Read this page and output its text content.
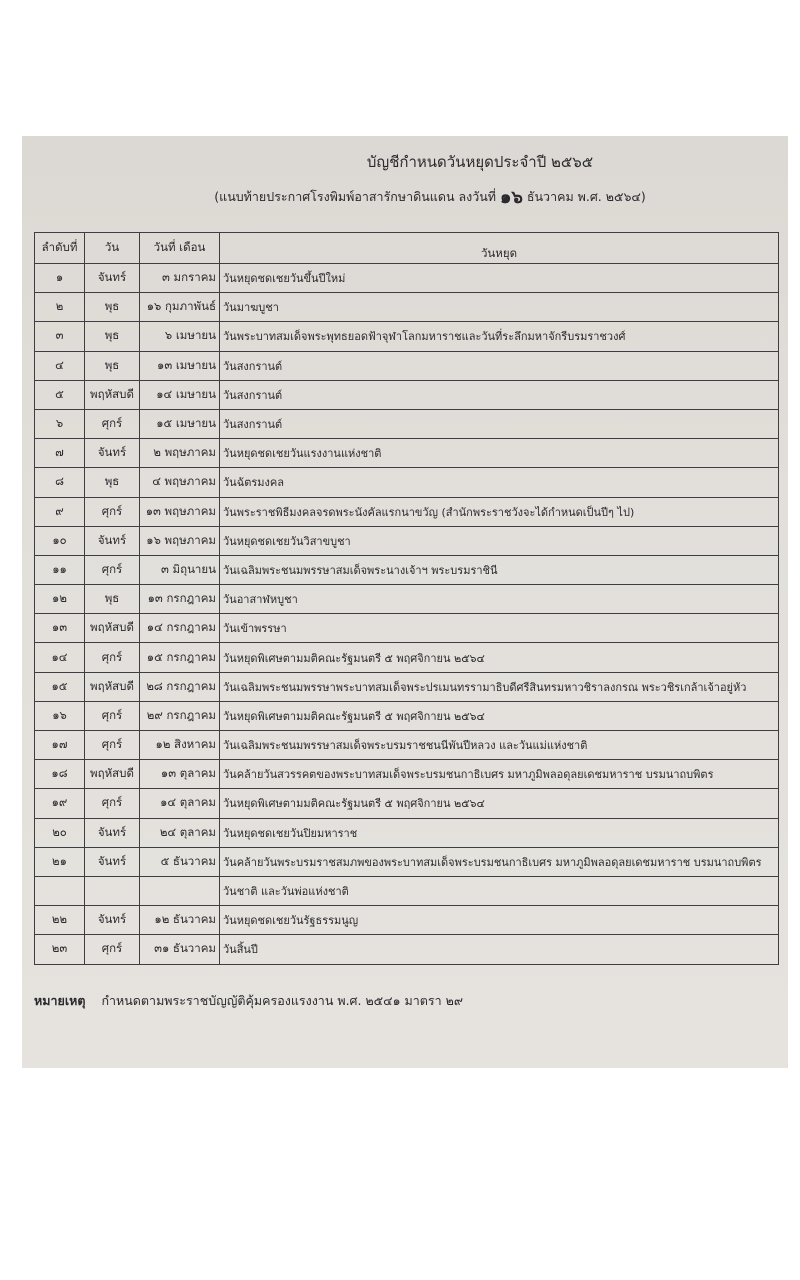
บัญชีกำหนดวันหยุดประจำปี ๒๕๖๕
(แนบท้ายประกาศโรงพิมพ์อาสารักษาดินแดน ลงวันที่ ๑๖ ธันวาคม พ.ศ. ๒๕๖๔)
ลำดับที่	วัน	วันที่ เดือน	วันหยุด
๑	จันทร์	๓ มกราคม	วันหยุดชดเชยวันขึ้นปีใหม่
๒	พุธ	๑๖ กุมภาพันธ์	วันมาฆบูชา
๓	พุธ	๖ เมษายน	วันพระบาทสมเด็จพระพุทธยอดฟ้าจุฬาโลกมหาราชและวันที่ระลึกมหาจักรีบรมราชวงศ์
๔	พุธ	๑๓ เมษายน	วันสงกรานต์
๕	พฤหัสบดี	๑๔ เมษายน	วันสงกรานต์
๖	ศุกร์	๑๕ เมษายน	วันสงกรานต์
๗	จันทร์	๒ พฤษภาคม	วันหยุดชดเชยวันแรงงานแห่งชาติ
๘	พุธ	๔ พฤษภาคม	วันฉัตรมงคล
๙	ศุกร์	๑๓ พฤษภาคม	วันพระราชพิธีมงคลจรดพระนังคัลแรกนาขวัญ (สำนักพระราชวังจะได้กำหนดเป็นปีๆ ไป)
๑๐	จันทร์	๑๖ พฤษภาคม	วันหยุดชดเชยวันวิสาขบูชา
๑๑	ศุกร์	๓ มิถุนายน	วันเฉลิมพระชนมพรรษาสมเด็จพระนางเจ้าฯ พระบรมราชินี
๑๒	พุธ	๑๓ กรกฎาคม	วันอาสาฬหบูชา
๑๓	พฤหัสบดี	๑๔ กรกฎาคม	วันเข้าพรรษา
๑๔	ศุกร์	๑๕ กรกฎาคม	วันหยุดพิเศษตามมติคณะรัฐมนตรี ๕ พฤศจิกายน ๒๕๖๔
๑๕	พฤหัสบดี	๒๘ กรกฎาคม	วันเฉลิมพระชนมพรรษาพระบาทสมเด็จพระปรเมนทรรามาธิบดีศรีสินทรมหาวชิราลงกรณ พระวชิรเกล้าเจ้าอยู่หัว
๑๖	ศุกร์	๒๙ กรกฎาคม	วันหยุดพิเศษตามมติคณะรัฐมนตรี ๕ พฤศจิกายน ๒๕๖๔
๑๗	ศุกร์	๑๒ สิงหาคม	วันเฉลิมพระชนมพรรษาสมเด็จพระบรมราชชนนีพันปีหลวง และวันแม่แห่งชาติ
๑๘	พฤหัสบดี	๑๓ ตุลาคม	วันคล้ายวันสวรรคตของพระบาทสมเด็จพระบรมชนกาธิเบศร มหาภูมิพลอดุลยเดชมหาราช บรมนาถบพิตร
๑๙	ศุกร์	๑๔ ตุลาคม	วันหยุดพิเศษตามมติคณะรัฐมนตรี ๕ พฤศจิกายน ๒๕๖๔
๒๐	จันทร์	๒๔ ตุลาคม	วันหยุดชดเชยวันปิยมหาราช
๒๑	จันทร์	๕ ธันวาคม	วันคล้ายวันพระบรมราชสมภพของพระบาทสมเด็จพระบรมชนกาธิเบศร มหาภูมิพลอดุลยเดชมหาราช บรมนาถบพิตร
			วันชาติ และวันพ่อแห่งชาติ
๒๒	จันทร์	๑๒ ธันวาคม	วันหยุดชดเชยวันรัฐธรรมนูญ
๒๓	ศุกร์	๓๑ ธันวาคม	วันสิ้นปี
หมายเหตุ กำหนดตามพระราชบัญญัติคุ้มครองแรงงาน พ.ศ. ๒๕๔๑ มาตรา ๒๙
